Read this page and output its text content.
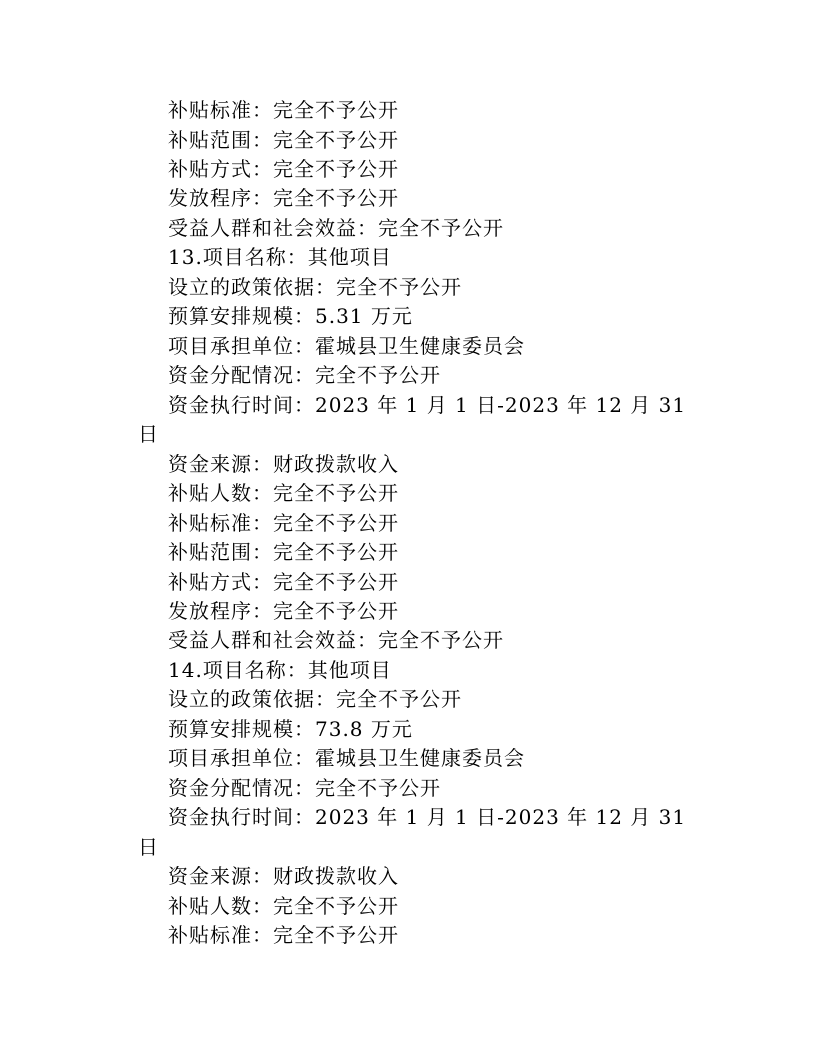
补贴标准：完全不予公开
补贴范围：完全不予公开
补贴方式：完全不予公开
发放程序：完全不予公开
受益人群和社会效益：完全不予公开
13.项目名称：其他项目
设立的政策依据：完全不予公开
预算安排规模：5.31 万元
项目承担单位：霍城县卫生健康委员会
资金分配情况：完全不予公开
资金执行时间：2023 年 1 月 1 日-2023 年 12 月 31
日
资金来源：财政拨款收入
补贴人数：完全不予公开
补贴标准：完全不予公开
补贴范围：完全不予公开
补贴方式：完全不予公开
发放程序：完全不予公开
受益人群和社会效益：完全不予公开
14.项目名称：其他项目
设立的政策依据：完全不予公开
预算安排规模：73.8 万元
项目承担单位：霍城县卫生健康委员会
资金分配情况：完全不予公开
资金执行时间：2023 年 1 月 1 日-2023 年 12 月 31
日
资金来源：财政拨款收入
补贴人数：完全不予公开
补贴标准：完全不予公开
